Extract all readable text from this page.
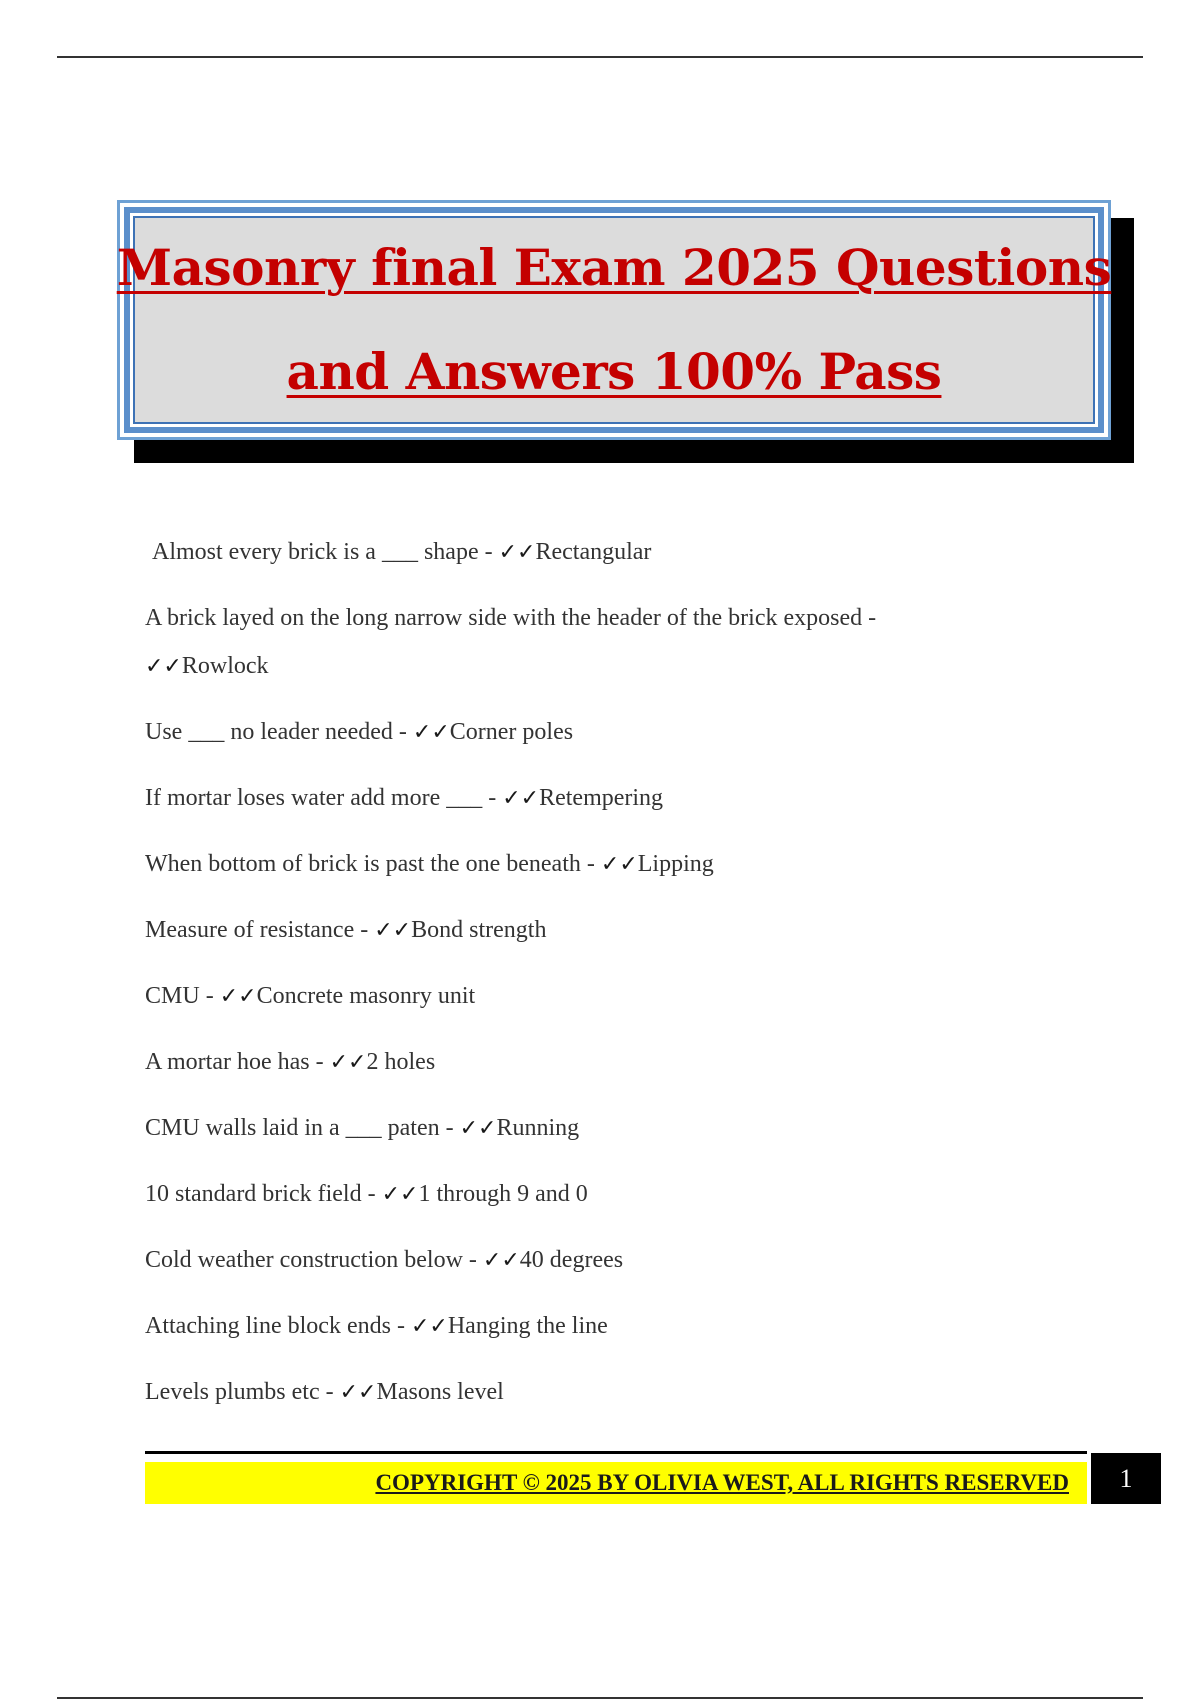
Masonry final Exam 2025 Questions
and Answers 100% Pass
Almost every brick is a ___ shape - ✓✓Rectangular
A brick layed on the long narrow side with the header of the brick exposed -
✓✓Rowlock
Use ___ no leader needed - ✓✓Corner poles
If mortar loses water add more ___ - ✓✓Retempering
When bottom of brick is past the one beneath - ✓✓Lipping
Measure of resistance - ✓✓Bond strength
CMU - ✓✓Concrete masonry unit
A mortar hoe has - ✓✓2 holes
CMU walls laid in a ___ paten - ✓✓Running
10 standard brick field - ✓✓1 through 9 and 0
Cold weather construction below - ✓✓40 degrees
Attaching line block ends - ✓✓Hanging the line
Levels plumbs etc - ✓✓Masons level
COPYRIGHT © 2025 BY OLIVIA WEST, ALL RIGHTS RESERVED 1
